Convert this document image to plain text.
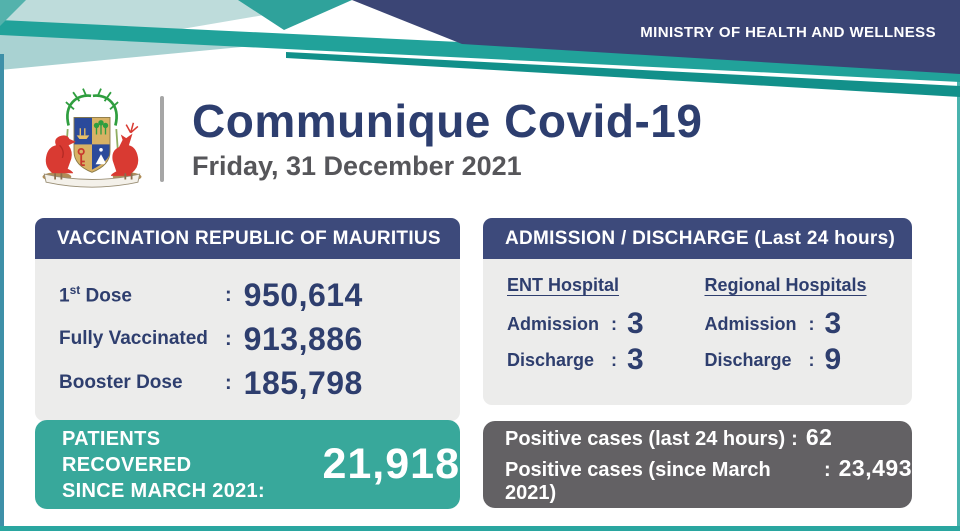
MINISTRY OF HEALTH AND WELLNESS
Communique Covid-19
Friday, 31 December 2021
VACCINATION REPUBLIC OF MAURITIUS
1st Dose	: 950,614
Fully Vaccinated : 913,886
Booster Dose	: 185,798
ADMISSION / DISCHARGE (Last 24 hours)
ENT Hospital
Admission : 3
Discharge : 3
Regional Hospitals
Admission : 3
Discharge : 9
PATIENTS RECOVERED
SINCE MARCH 2021:
21,918
Positive cases (last 24 hours) : 62
Positive cases (since March 2021)
: 23,493
